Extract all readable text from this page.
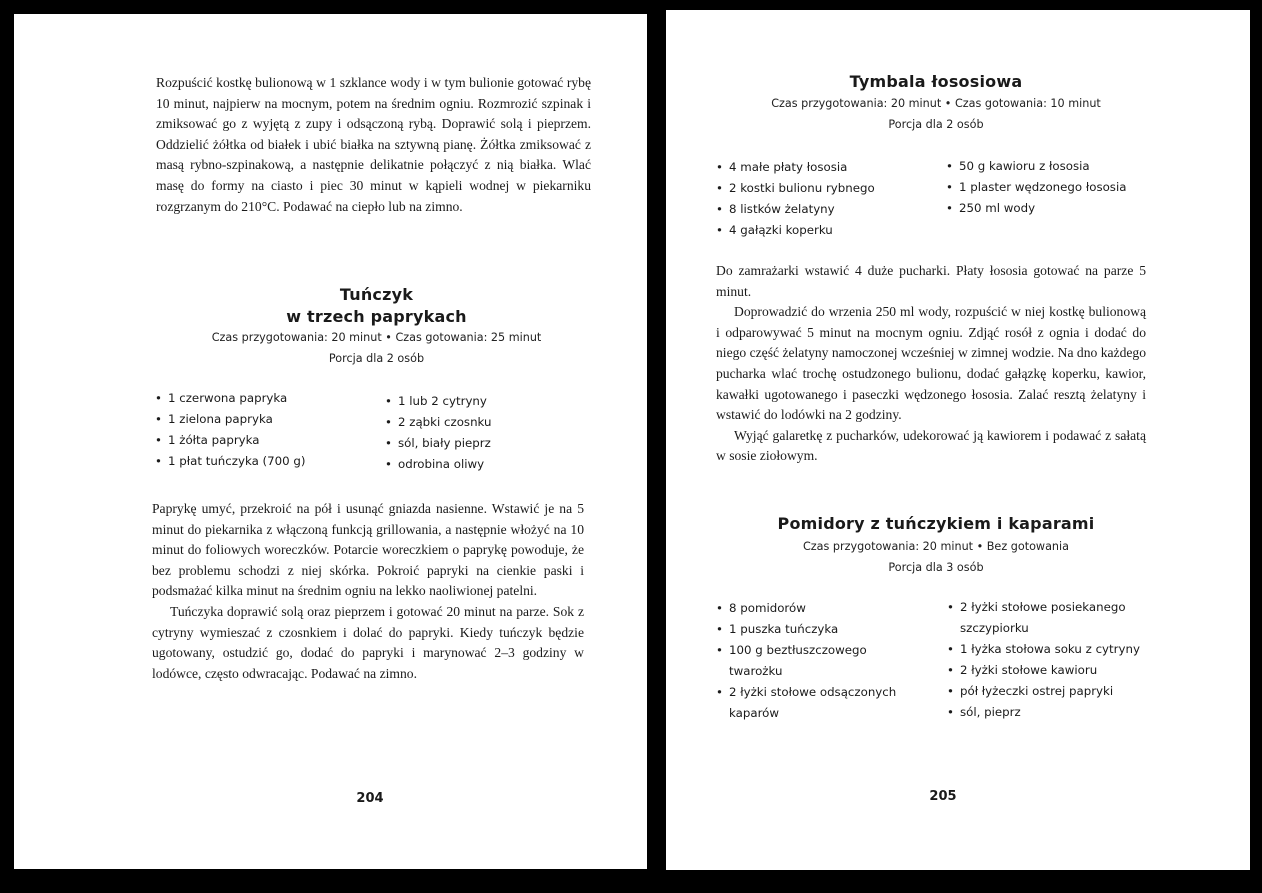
Rozpuścić kostkę bulionową w 1 szklance wody i w tym bulionie gotować rybę 10 minut, najpierw na mocnym, potem na średnim ogniu. Rozmrozić szpinak i zmiksować go z wyjętą z zupy i odsączoną rybą. Doprawić solą i pieprzem. Oddzielić żółtka od białek i ubić białka na sztywną pianę. Żółtka zmiksować z masą rybno-szpinakową, a następnie delikatnie połączyć z nią białka. Wlać masę do formy na ciasto i piec 30 minut w kąpieli wodnej w piekarniku rozgrzanym do 210°C. Podawać na ciepło lub na zimno.

Tuńczyk
w trzech paprykach
Czas przygotowania: 20 minut • Czas gotowania: 25 minut
Porcja dla 2 osób
• 1 czerwona papryka
• 1 zielona papryka
• 1 żółta papryka
• 1 płat tuńczyka (700 g)
• 1 lub 2 cytryny
• 2 ząbki czosnku
• sól, biały pieprz
• odrobina oliwy

Paprykę umyć, przekroić na pół i usunąć gniazda nasienne. Wstawić je na 5 minut do piekarnika z włączoną funkcją grillowania, a następnie włożyć na 10 minut do foliowych woreczków. Potarcie woreczkiem o paprykę powoduje, że bez problemu schodzi z niej skórka. Pokroić papryki na cienkie paski i podsmażać kilka minut na średnim ogniu na lekko naoliwionej patelni.

Tuńczyka doprawić solą oraz pieprzem i gotować 20 minut na parze. Sok z cytryny wymieszać z czosnkiem i dolać do papryki. Kiedy tuńczyk będzie ugotowany, ostudzić go, dodać do papryki i marynować 2–3 godziny w lodówce, często odwracając. Podawać na zimno.

204
Tymbala łososiowa
Czas przygotowania: 20 minut • Czas gotowania: 10 minut
Porcja dla 2 osób
• 4 małe płaty łososia
• 2 kostki bulionu rybnego
• 8 listków żelatyny
• 4 gałązki koperku
• 50 g kawioru z łososia
• 1 plaster wędzonego łososia
• 250 ml wody

Do zamrażarki wstawić 4 duże pucharki. Płaty łososia gotować na parze 5 minut.

Doprowadzić do wrzenia 250 ml wody, rozpuścić w niej kostkę bulionową i odparowywać 5 minut na mocnym ogniu. Zdjąć rosół z ognia i dodać do niego część żelatyny namoczonej wcześniej w zimnej wodzie. Na dno każdego pucharka wlać trochę ostudzonego bulionu, dodać gałązkę koperku, kawior, kawałki ugotowanego i paseczki wędzonego łososia. Zalać resztą żelatyny i wstawić do lodówki na 2 godziny.

Wyjąć galaretkę z pucharków, udekorować ją kawiorem i podawać z sałatą w sosie ziołowym.

Pomidory z tuńczykiem i kaparami
Czas przygotowania: 20 minut • Bez gotowania
Porcja dla 3 osób
• 8 pomidorów
• 1 puszka tuńczyka
• 100 g beztłuszczowego twarożku
• 2 łyżki stołowe odsączonych kaparów
• 2 łyżki stołowe posiekanego szczypiorku
• 1 łyżka stołowa soku z cytryny
• 2 łyżki stołowe kawioru
• pół łyżeczki ostrej papryki
• sól, pieprz
205
